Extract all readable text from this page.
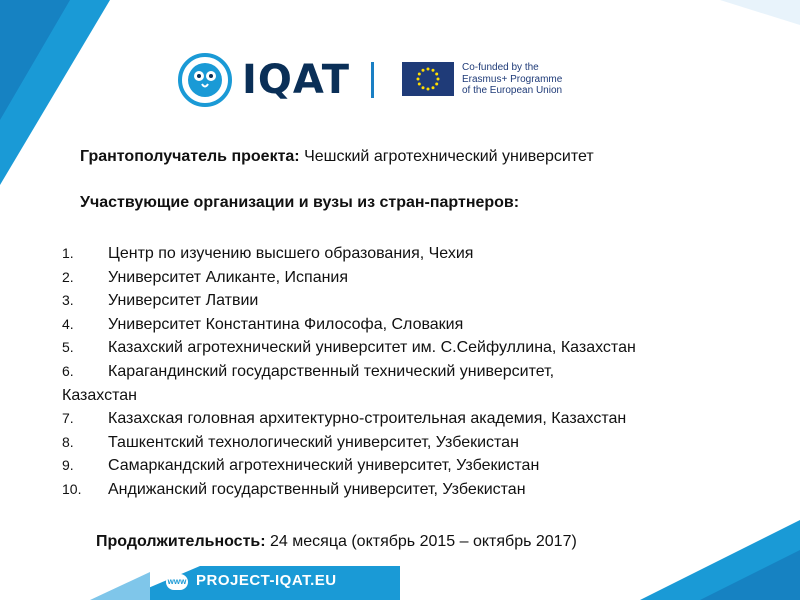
IQAT	Co-funded by the
Erasmus+ Programme
of the European Union
Грантополучатель проекта: Чешский агротехнический университет
Участвующие организации и вузы из стран-партнеров:
1.	Центр по изучению высшего образования, Чехия
2.	Университет Аликанте, Испания
3.	Университет Латвии
4.	Университет Константина Философа, Словакия
5.	Казахский агротехнический университет им. С.Сейфуллина, Казахстан
6.	Карагандинский государственный технический университет,
Казахстан
7.	Казахская головная архитектурно-строительная академия, Казахстан
8.	Ташкентский технологический университет, Узбекистан
9.	Самаркандский агротехнический университет, Узбекистан
10.	Андижанский государственный университет, Узбекистан
Продолжительность: 24 месяца (октябрь 2015 – октябрь 2017)
www PROJECT-IQAT.EU
